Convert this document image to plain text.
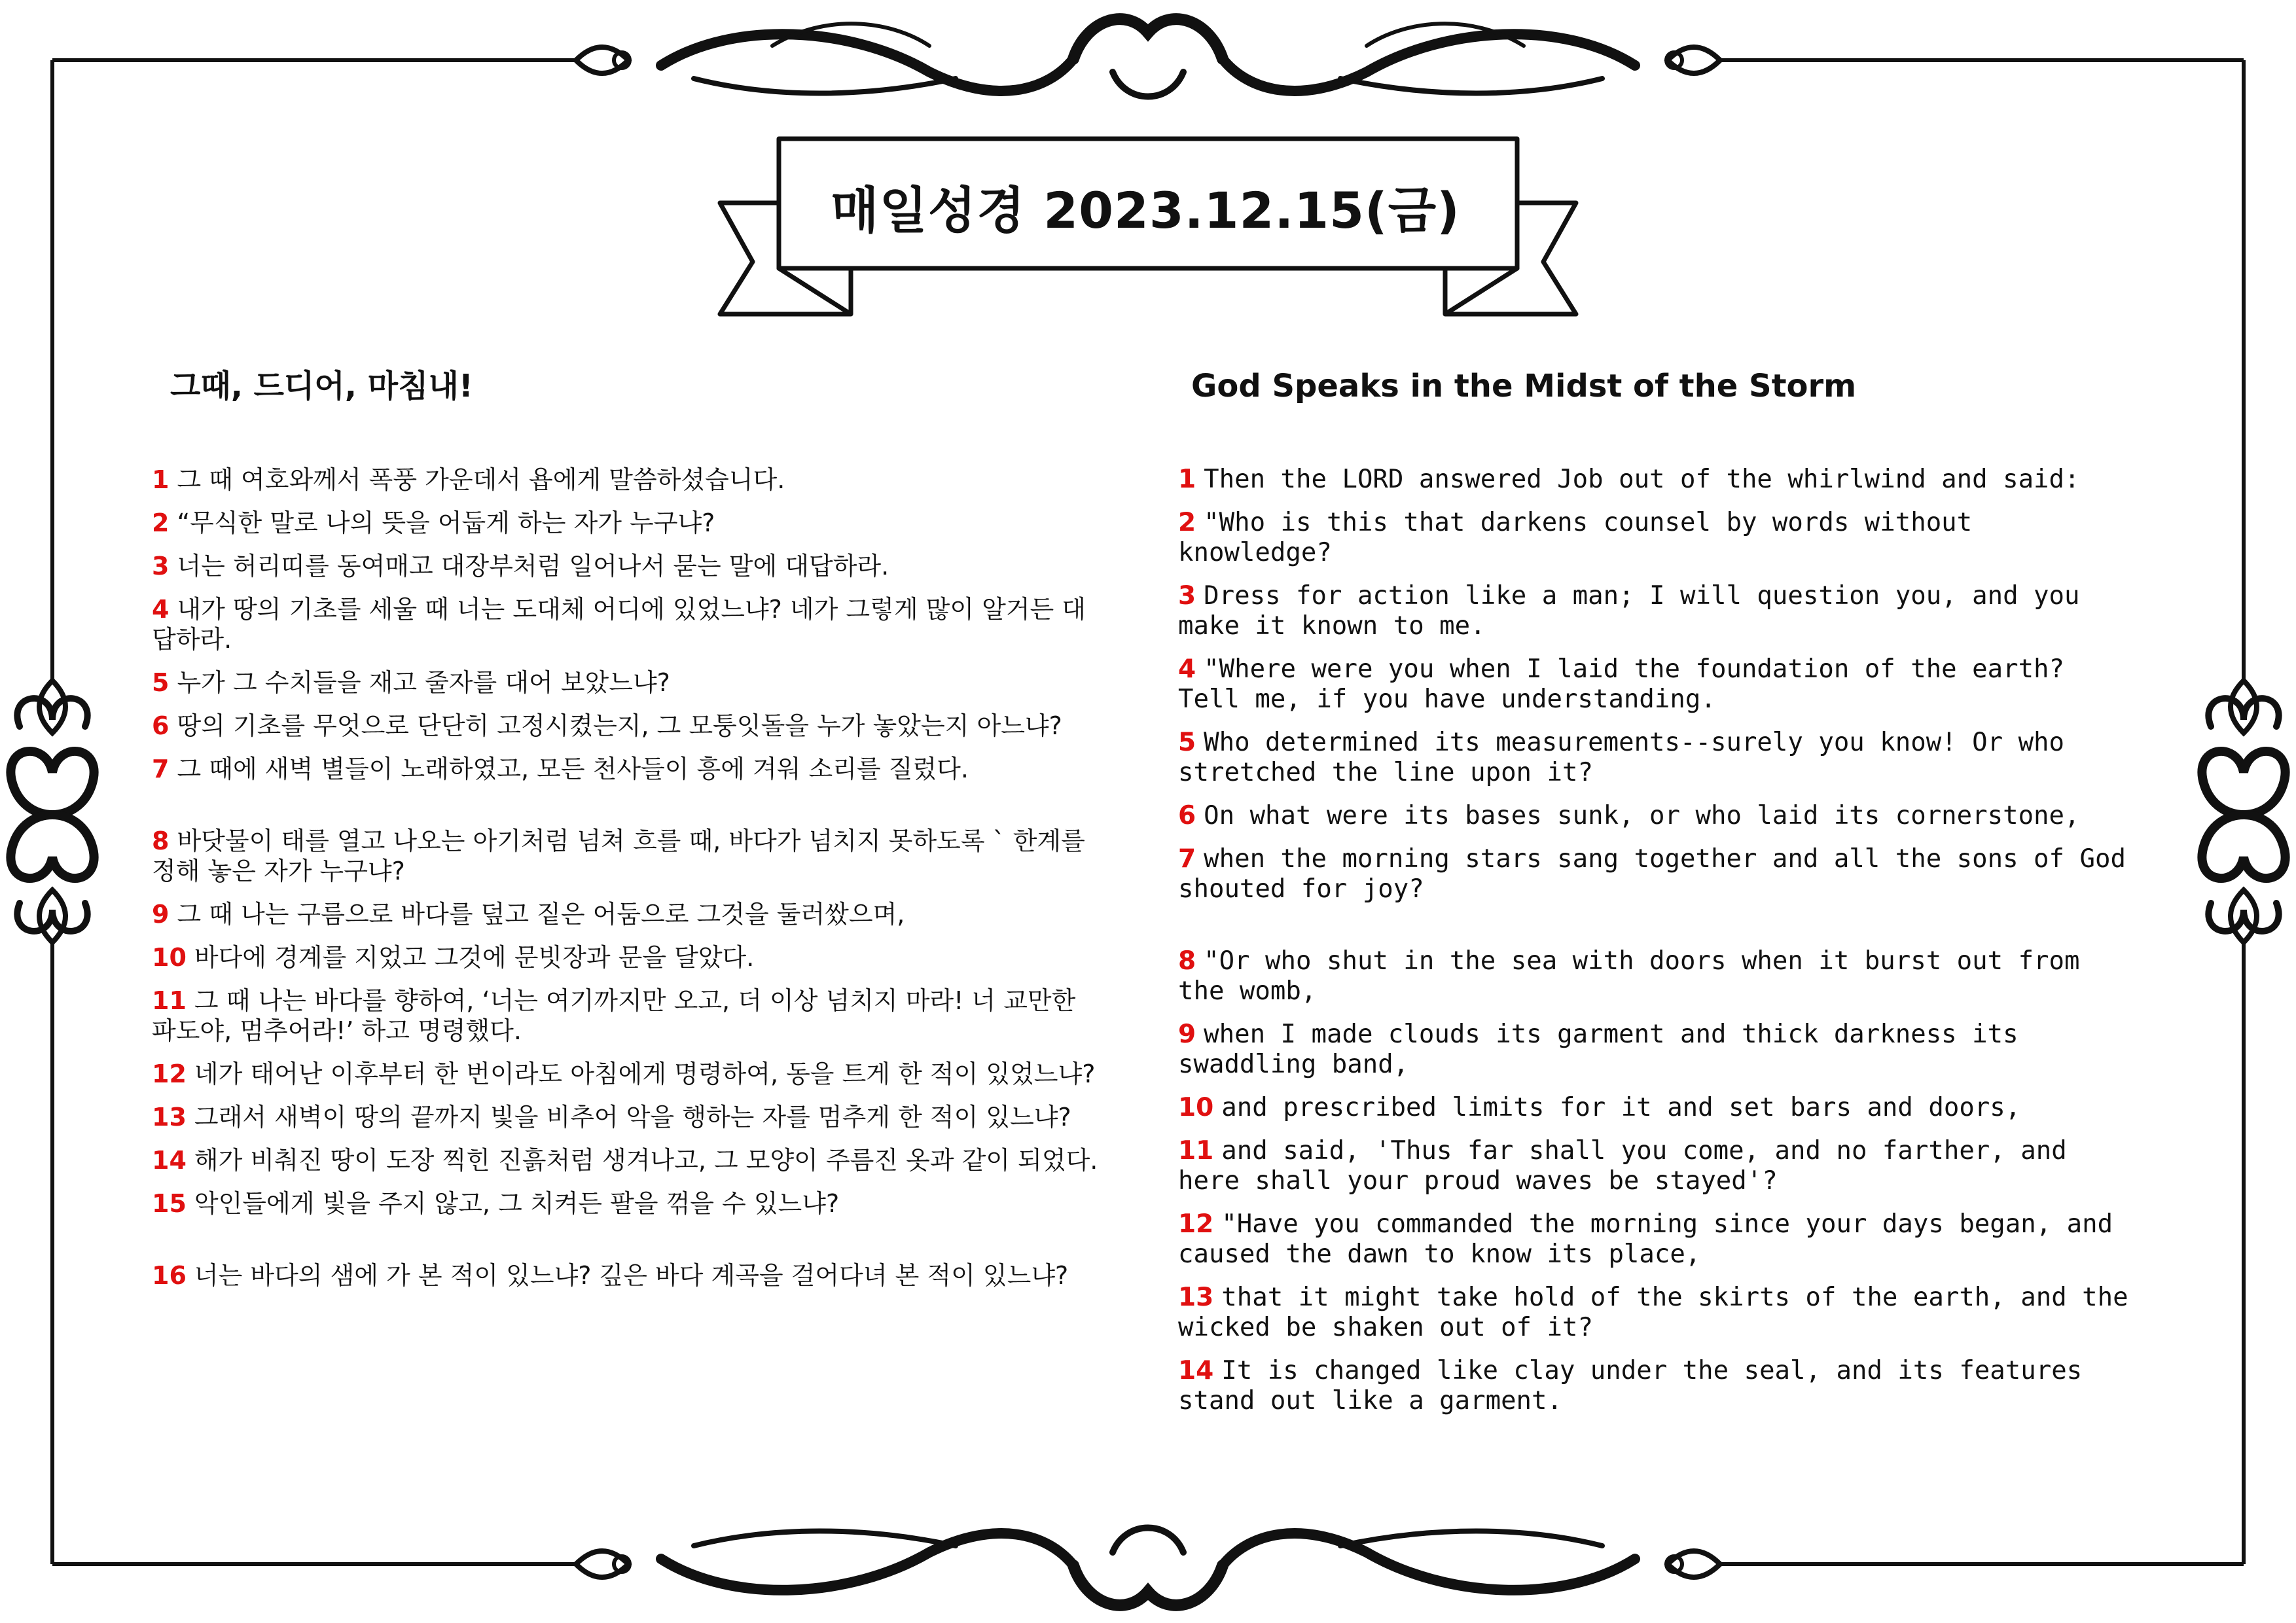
매일성경 2023.12.15(금)
그때, 드디어, 마침내!
1 그 때 여호와께서 폭풍 가운데서 욥에게 말씀하셨습니다.
2 “무식한 말로 나의 뜻을 어둡게 하는 자가 누구냐?
3 너는 허리띠를 동여매고 대장부처럼 일어나서 묻는 말에 대답하라.
4 내가 땅의 기초를 세울 때 너는 도대체 어디에 있었느냐? 네가 그렇게 많이 알거든 대답하라.
5 누가 그 수치들을 재고 줄자를 대어 보았느냐?
6 땅의 기초를 무엇으로 단단히 고정시켰는지, 그 모퉁잇돌을 누가 놓았는지 아느냐?
7 그 때에 새벽 별들이 노래하였고, 모든 천사들이 흥에 겨워 소리를 질렀다.
8 바닷물이 태를 열고 나오는 아기처럼 넘쳐 흐를 때, 바다가 넘치지 못하도록 ` 한계를 정해 놓은 자가 누구냐?
9 그 때 나는 구름으로 바다를 덮고 짙은 어둠으로 그것을 둘러쌌으며,
10 바다에 경계를 지었고 그것에 문빗장과 문을 달았다.
11 그 때 나는 바다를 향하여, ‘너는 여기까지만 오고, 더 이상 넘치지 마라! 너 교만한 파도야, 멈추어라!’ 하고 명령했다.
12 네가 태어난 이후부터 한 번이라도 아침에게 명령하여, 동을 트게 한 적이 있었느냐?
13 그래서 새벽이 땅의 끝까지 빛을 비추어 악을 행하는 자를 멈추게 한 적이 있느냐?
14 해가 비춰진 땅이 도장 찍힌 진흙처럼 생겨나고, 그 모양이 주름진 옷과 같이 되었다.
15 악인들에게 빛을 주지 않고, 그 치켜든 팔을 꺾을 수 있느냐?
16 너는 바다의 샘에 가 본 적이 있느냐? 깊은 바다 계곡을 걸어다녀 본 적이 있느냐?
God Speaks in the Midst of the Storm
1 Then the LORD answered Job out of the whirlwind and said:
2 "Who is this that darkens counsel by words without knowledge?
3 Dress for action like a man; I will question you, and you make it known to me.
4 "Where were you when I laid the foundation of the earth? Tell me, if you have understanding.
5 Who determined its measurements--surely you know! Or who stretched the line upon it?
6 On what were its bases sunk, or who laid its cornerstone,
7 when the morning stars sang together and all the sons of God shouted for joy?
8 "Or who shut in the sea with doors when it burst out from the womb,
9 when I made clouds its garment and thick darkness its swaddling band,
10 and prescribed limits for it and set bars and doors,
11 and said, 'Thus far shall you come, and no farther, and here shall your proud waves be stayed'?
12 "Have you commanded the morning since your days began, and caused the dawn to know its place,
13 that it might take hold of the skirts of the earth, and the wicked be shaken out of it?
14 It is changed like clay under the seal, and its features stand out like a garment.
